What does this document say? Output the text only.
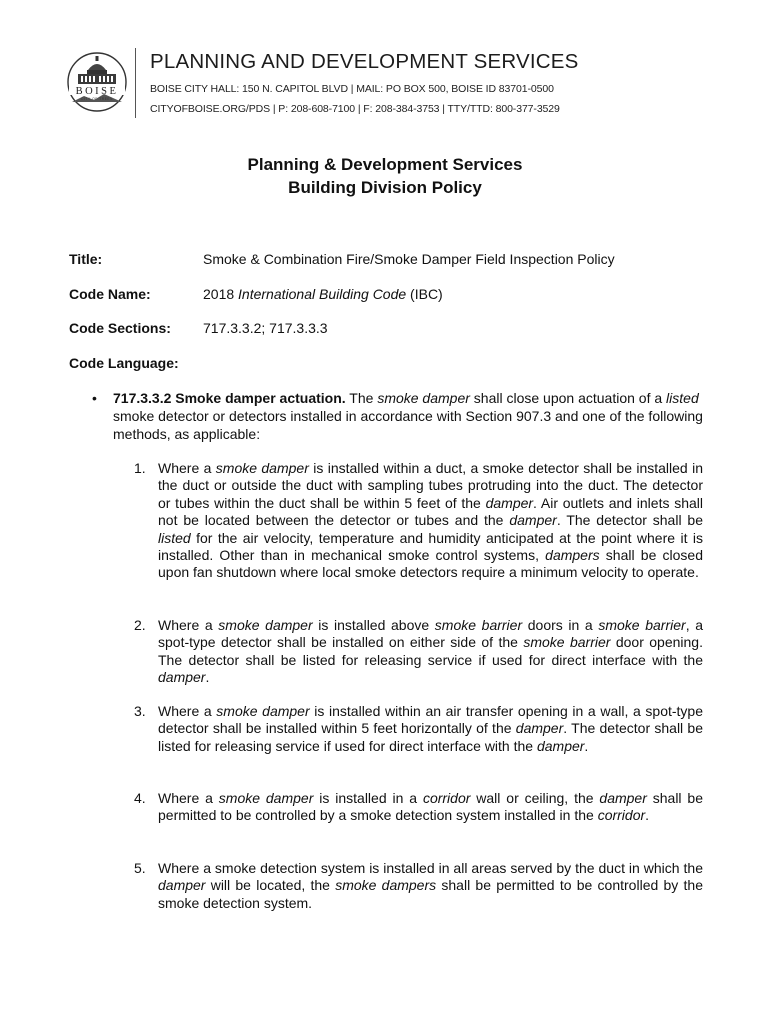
BOISE
CITY OF TREES
PLANNING AND DEVELOPMENT SERVICES
BOISE CITY HALL: 150 N. CAPITOL BLVD | MAIL: PO BOX 500, BOISE ID 83701-0500
CITYOFBOISE.ORG/PDS | P: 208-608-7100 | F: 208-384-3753 | TTY/TTD: 800-377-3529
Planning & Development Services
Building Division Policy
Title:	Smoke & Combination Fire/Smoke Damper Field Inspection Policy
Code Name:	2018 International Building Code (IBC)
Code Sections: 717.3.3.2; 717.3.3.3
Code Language:
• 717.3.3.2 Smoke damper actuation. The smoke damper shall close upon actuation of a listed smoke detector or detectors installed in accordance with Section 907.3 and one of the following methods, as applicable:
1. Where a smoke damper is installed within a duct, a smoke detector shall be installed in the duct or outside the duct with sampling tubes protruding into the duct. The detector or tubes within the duct shall be within 5 feet of the damper. Air outlets and inlets shall not be located between the detector or tubes and the damper. The detector shall be listed for the air velocity, temperature and humidity anticipated at the point where it is installed. Other than in mechanical smoke control systems, dampers shall be closed upon fan shutdown where local smoke detectors require a minimum velocity to operate.
2. Where a smoke damper is installed above smoke barrier doors in a smoke barrier, a spot-type detector shall be installed on either side of the smoke barrier door opening. The detector shall be listed for releasing service if used for direct interface with the damper.
3. Where a smoke damper is installed within an air transfer opening in a wall, a spot-type detector shall be installed within 5 feet horizontally of the damper. The detector shall be listed for releasing service if used for direct interface with the damper.
4. Where a smoke damper is installed in a corridor wall or ceiling, the damper shall be permitted to be controlled by a smoke detection system installed in the corridor.
5. Where a smoke detection system is installed in all areas served by the duct in which the damper will be located, the smoke dampers shall be permitted to be controlled by the smoke detection system.
